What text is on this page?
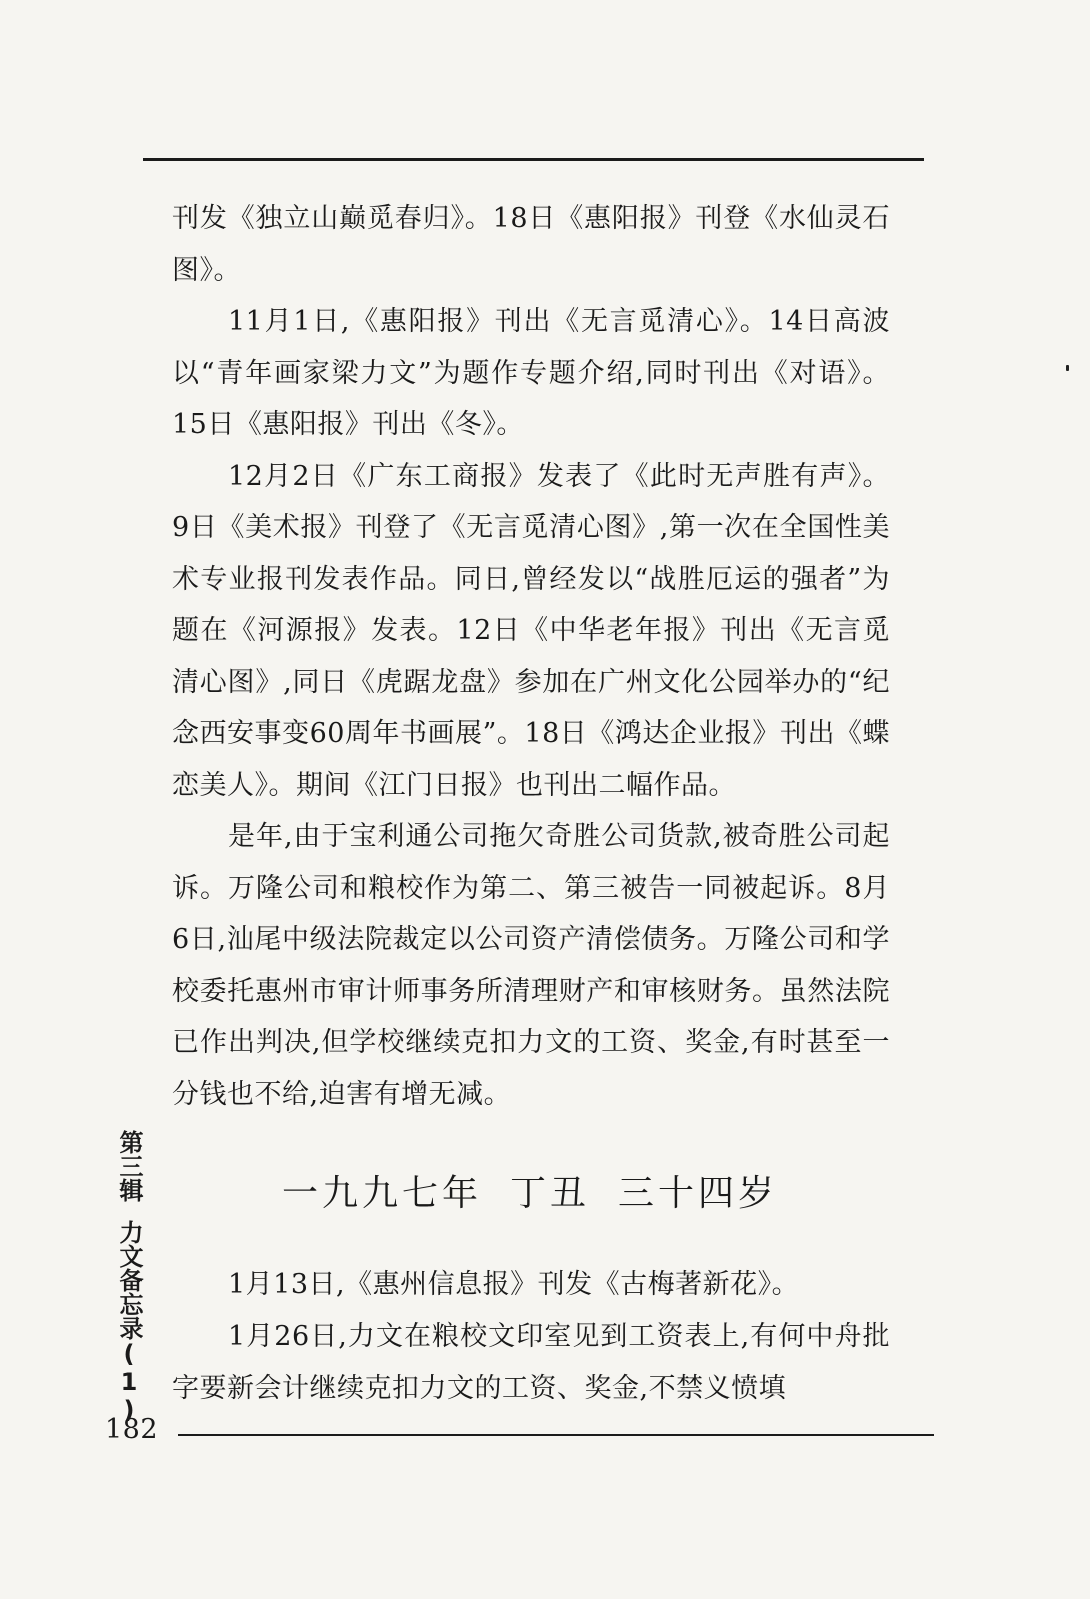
刊发《独立山巅觅春归》。18日《惠阳报》刊登《水仙灵石图》。

11月1日,《惠阳报》刊出《无言觅清心》。14日高波以“青年画家梁力文”为题作专题介绍,同时刊出《对语》。15日《惠阳报》刊出《冬》。

12月2日《广东工商报》发表了《此时无声胜有声》。9日《美术报》刊登了《无言觅清心图》,第一次在全国性美术专业报刊发表作品。同日,曾经发以“战胜厄运的强者”为题在《河源报》发表。12日《中华老年报》刊出《无言觅清心图》,同日《虎踞龙盘》参加在广州文化公园举办的“纪念西安事变60周年书画展”。18日《鸿达企业报》刊出《蝶恋美人》。期间《江门日报》也刊出二幅作品。

是年,由于宝利通公司拖欠奇胜公司货款,被奇胜公司起诉。万隆公司和粮校作为第二、第三被告一同被起诉。8月6日,汕尾中级法院裁定以公司资产清偿债务。万隆公司和学校委托惠州市审计师事务所清理财产和审核财务。虽然法院已作出判决,但学校继续克扣力文的工资、奖金,有时甚至一分钱也不给,迫害有增无减。

一九九七年 丁丑 三十四岁

1月13日,《惠州信息报》刊发《古梅著新花》。

1月26日,力文在粮校文印室见到工资表上,有何中舟批字要新会计继续克扣力文的工资、奖金,不禁义愤填

第三辑力文备忘录(1)
182
